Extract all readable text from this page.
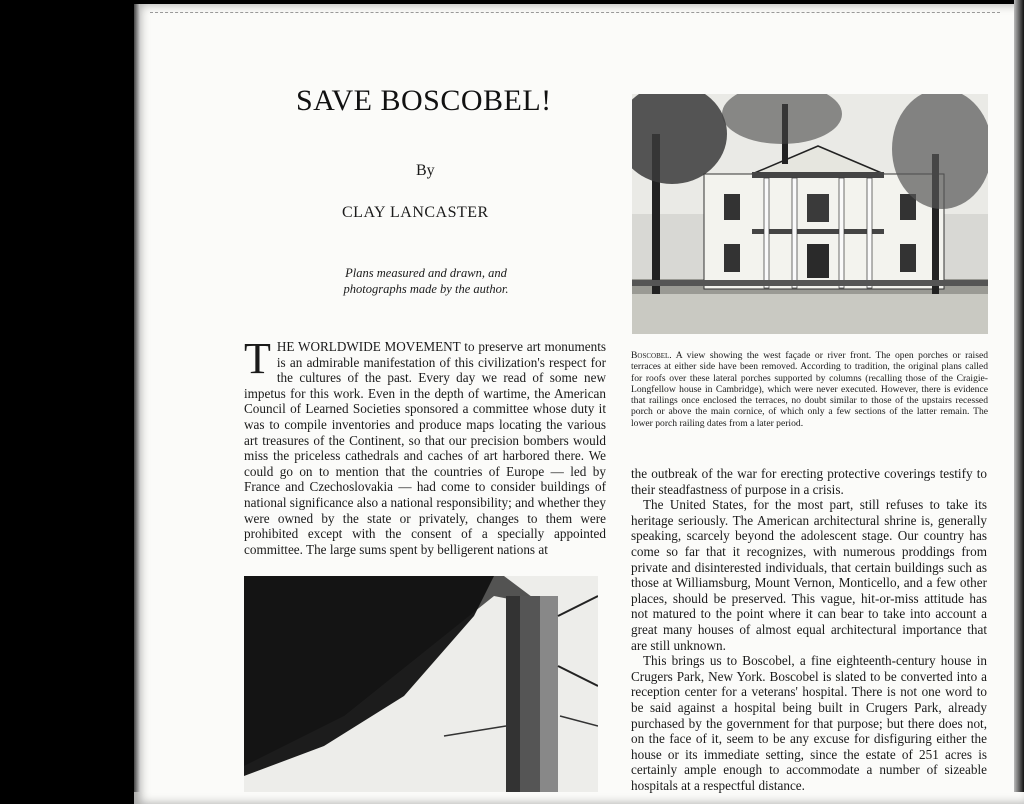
SAVE BOSCOBEL!
By
CLAY LANCASTER
Plans measured and drawn, and photographs made by the author.
THE WORLDWIDE MOVEMENT to preserve art monuments is an admirable manifestation of this civilization's respect for the cultures of the past. Every day we read of some new impetus for this work. Even in the depth of wartime, the American Council of Learned Societies sponsored a committee whose duty it was to compile inventories and produce maps locating the various art treasures of the Continent, so that our precision bombers would miss the priceless cathedrals and caches of art harbored there. We could go on to mention that the countries of Europe — led by France and Czechoslovakia — had come to consider buildings of national significance also a national responsibility; and whether they were owned by the state or privately, changes to them were prohibited except with the consent of a specially appointed committee. The large sums spent by belligerent nations at
Boscobel. A view showing the west façade or river front. The open porches or raised terraces at either side have been removed. According to tradition, the original plans called for roofs over these lateral porches supported by columns (recalling those of the Craigie-Longfellow house in Cambridge), which were never executed. However, there is evidence that railings once enclosed the terraces, no doubt similar to those of the upstairs recessed porch or above the main cornice, of which only a few sections of the latter remain. The lower porch railing dates from a later period.

the outbreak of the war for erecting protective coverings testify to their steadfastness of purpose in a crisis.

The United States, for the most part, still refuses to take its heritage seriously. The American architectural shrine is, generally speaking, scarcely beyond the adolescent stage. Our country has come so far that it recognizes, with numerous proddings from private and disinterested individuals, that certain buildings such as those at Williamsburg, Mount Vernon, Monticello, and a few other places, should be preserved. This vague, hit-or-miss attitude has not matured to the point where it can bear to take into account a great many houses of almost equal architectural importance that are still unknown.

This brings us to Boscobel, a fine eighteenth-century house in Crugers Park, New York. Boscobel is slated to be converted into a reception center for a veterans' hospital. There is not one word to be said against a hospital being built in Crugers Park, already purchased by the government for that purpose; but there does not, on the face of it, seem to be any excuse for disfiguring either the house or its immediate setting, since the estate of 251 acres is certainly ample enough to accommodate a number of sizeable hospitals at a respectful distance.
